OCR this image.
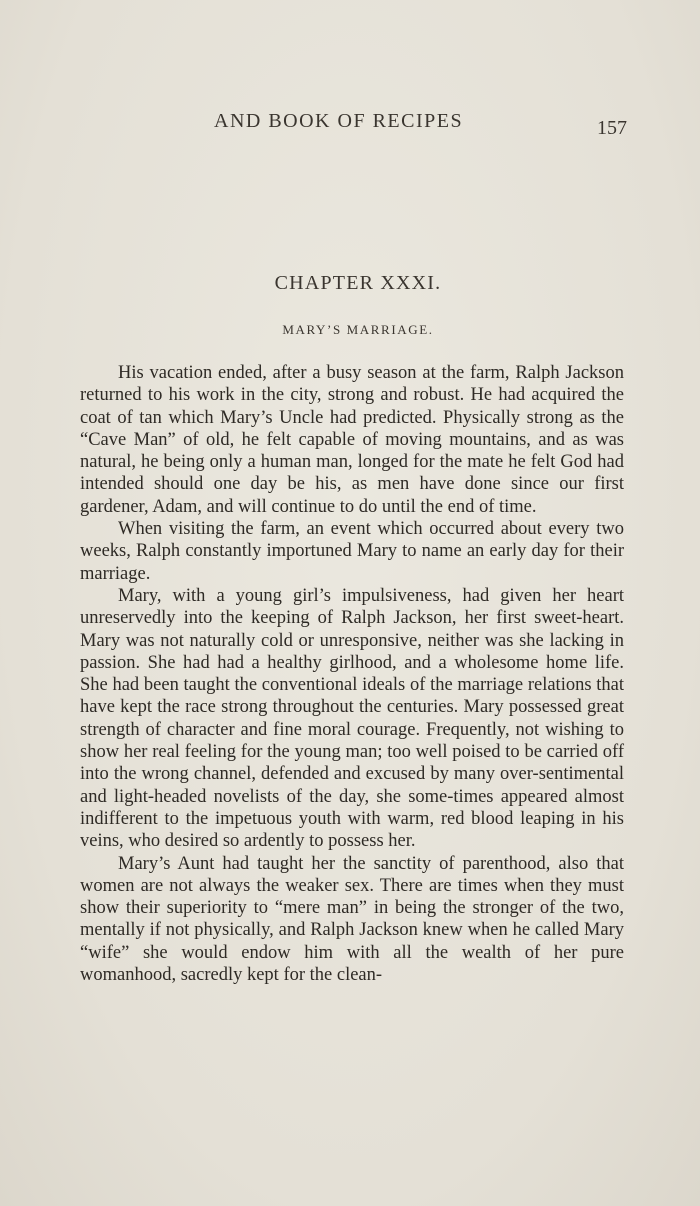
AND BOOK OF RECIPES	157
CHAPTER XXXI.
MARY’S MARRIAGE.

His vacation ended, after a busy season at the farm, Ralph Jackson returned to his work in the city, strong and robust. He had acquired the coat of tan which Mary’s Uncle had predicted. Physically strong as the “Cave Man” of old, he felt capable of moving mountains, and as was natural, he being only a human man, longed for the mate he felt God had intended should one day be his, as men have done since our first gardener, Adam, and will continue to do until the end of time.

When visiting the farm, an event which occurred about every two weeks, Ralph constantly importuned Mary to name an early day for their marriage.

Mary, with a young girl’s impulsiveness, had given her heart unreservedly into the keeping of Ralph Jackson, her first sweet-heart. Mary was not naturally cold or unresponsive, neither was she lacking in passion. She had had a healthy girlhood, and a wholesome home life. She had been taught the conventional ideals of the marriage relations that have kept the race strong throughout the centuries. Mary possessed great strength of character and fine moral courage. Frequently, not wishing to show her real feeling for the young man; too well poised to be carried off into the wrong channel, defended and excused by many over-sentimental and light-headed novelists of the day, she some-times appeared almost indifferent to the impetuous youth with warm, red blood leaping in his veins, who desired so ardently to possess her.

Mary’s Aunt had taught her the sanctity of parenthood, also that women are not always the weaker sex. There are times when they must show their superiority to “mere man” in being the stronger of the two, mentally if not physically, and Ralph Jackson knew when he called Mary “wife” she would endow him with all the wealth of her pure womanhood, sacredly kept for the clean-
